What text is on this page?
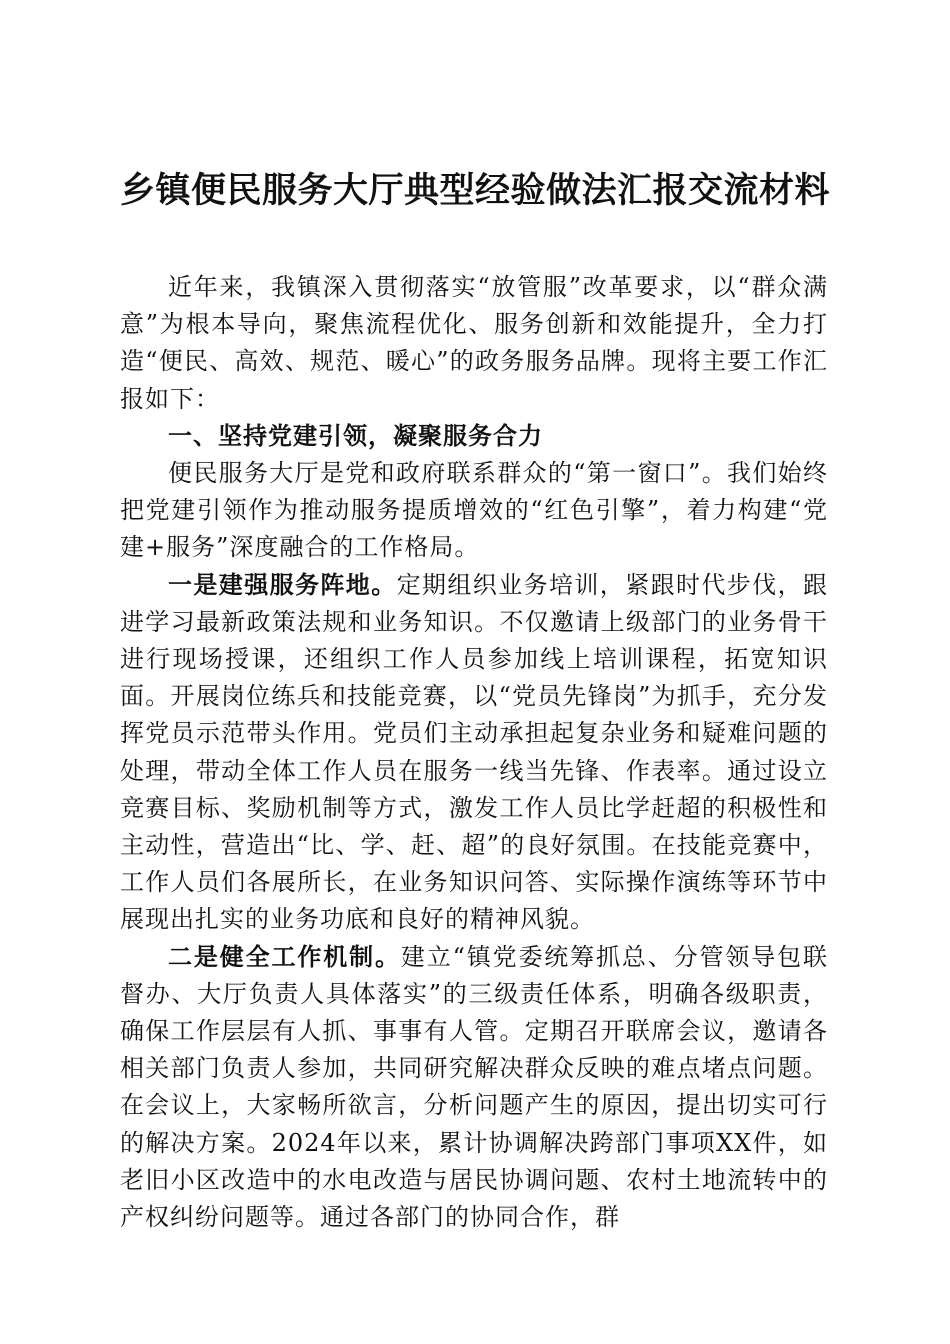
乡镇便民服务大厅典型经验做法汇报交流材料

近年来，我镇深入贯彻落实“放管服”改革要求，以“群众满意”为根本导向，聚焦流程优化、服务创新和效能提升，全力打造“便民、高效、规范、暖心”的政务服务品牌。现将主要工作汇报如下：

一、坚持党建引领，凝聚服务合力

便民服务大厅是党和政府联系群众的“第一窗口”。我们始终把党建引领作为推动服务提质增效的“红色引擎”，着力构建“党建+服务”深度融合的工作格局。

一是建强服务阵地。定期组织业务培训，紧跟时代步伐，跟进学习最新政策法规和业务知识。不仅邀请上级部门的业务骨干进行现场授课，还组织工作人员参加线上培训课程，拓宽知识面。开展岗位练兵和技能竞赛，以“党员先锋岗”为抓手，充分发挥党员示范带头作用。党员们主动承担起复杂业务和疑难问题的处理，带动全体工作人员在服务一线当先锋、作表率。通过设立竞赛目标、奖励机制等方式，激发工作人员比学赶超的积极性和主动性，营造出“比、学、赶、超”的良好氛围。在技能竞赛中，工作人员们各展所长，在业务知识问答、实际操作演练等环节中展现出扎实的业务功底和良好的精神风貌。

二是健全工作机制。建立“镇党委统筹抓总、分管领导包联督办、大厅负责人具体落实”的三级责任体系，明确各级职责，确保工作层层有人抓、事事有人管。定期召开联席会议，邀请各相关部门负责人参加，共同研究解决群众反映的难点堵点问题。在会议上，大家畅所欲言，分析问题产生的原因，提出切实可行的解决方案。2024年以来，累计协调解决跨部门事项XX件，如老旧小区改造中的水电改造与居民协调问题、农村土地流转中的产权纠纷问题等。通过各部门的协同合作，群
